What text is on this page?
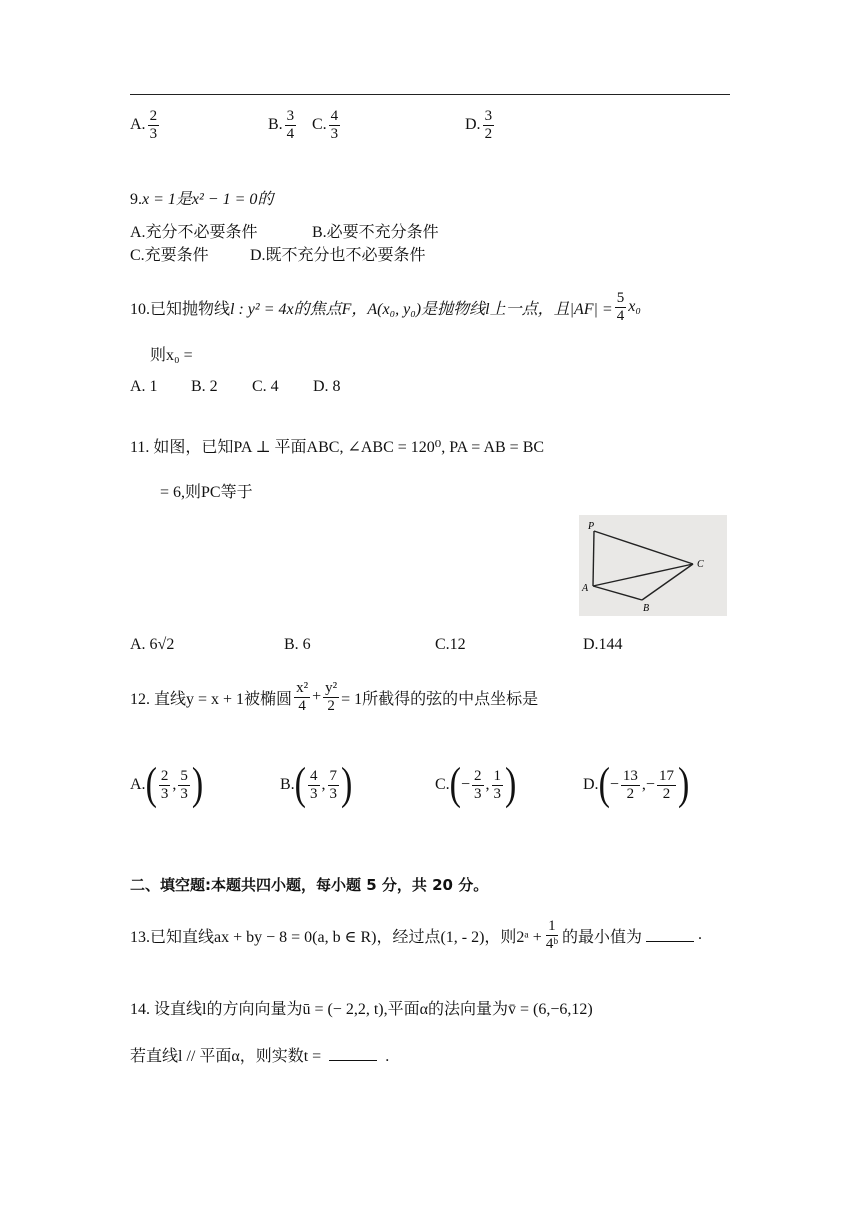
A. $\frac{2}{3}$	B. $\frac{3}{4} C$. $\frac{4}{3}$	D. $\frac{3}{2}$
9.x = 1是x² − 1 = 0的
A.充分不必要条件	B.必要不充分条件
C.充要条件	D.既不充分也不必要条件
10.已知抛物线 l : y² = 4x的焦点F，A(x₀, y₀)是抛物线l上一点，且$|AF| = \frac{5}{4} x_0$
则x₀ =
A. 1 B. 2 C. 4 D. 8
11. 如图，已知PA ⊥ 平面ABC, ∠ABC = 120⁰, PA = AB = BC
= 6,则PC等于
P
A
B
C
A. 6√2	B. 6	C.12	D.144
12. 直线y = x + 1被椭圆 $\frac{\text{x²}}{4} + \frac{\text{y²}}{2} = 1$所截得的弦的中点坐标是
A. ( $\frac{2}{3}$ , $\frac{5}{3}$ )	B. ( $\frac{4}{3}$ , $\frac{7}{3}$ )	C. ( − $\frac{2}{3}$ , $\frac{1}{3}$ )	D. ( − $\frac{13}{2}$ ,− $\frac{17}{2}$ )
二、填空题:本题共四小题，每小题 5 分，共 20 分。
13.已知直线ax + by − 8 = 0(a, b ∈ R)，经过点(1, - 2)，则2ᵃ + $\frac{1}{\text{4ᵇ}}$ 的最小值为	.
14. 设直线l的方向向量为ū = (− 2,2, t),平面α的法向量为v̄ = (6,−6,12)
若直线l // 平面α，则实数t =	.
